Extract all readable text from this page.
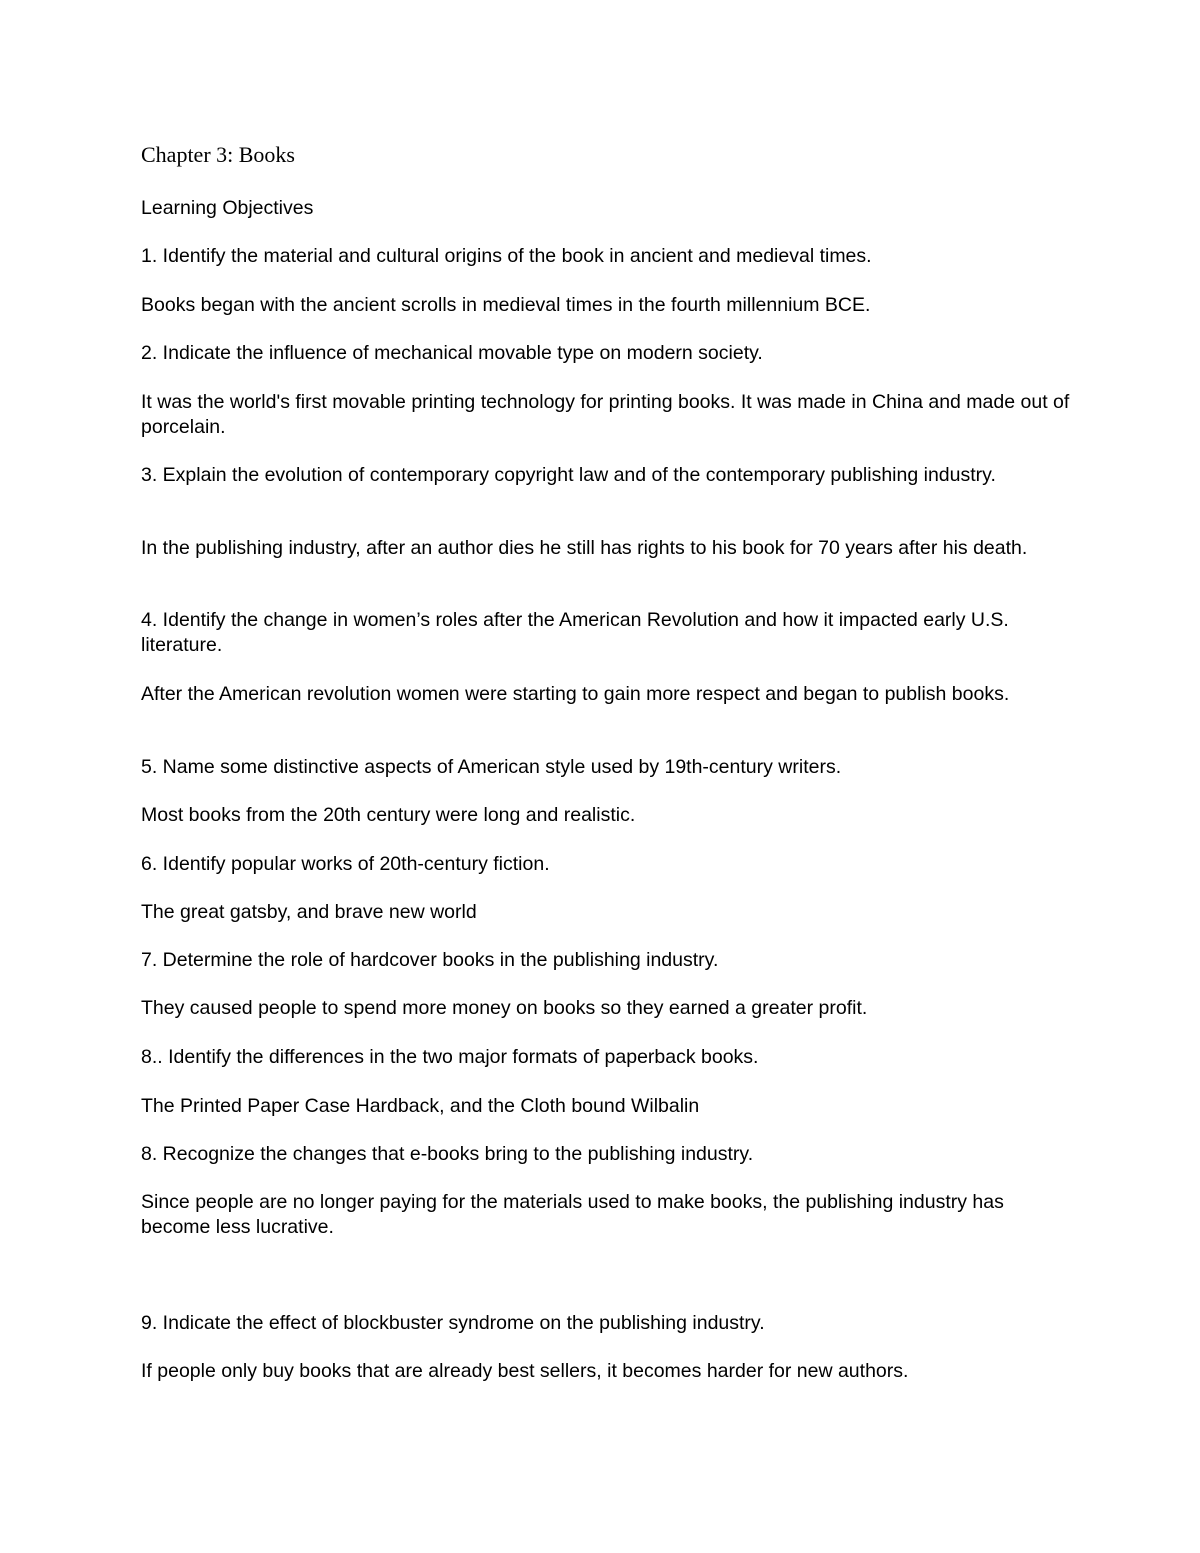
Chapter 3: Books

Learning Objectives

1. Identify the material and cultural origins of the book in ancient and medieval times.

Books began with the ancient scrolls in medieval times in the fourth millennium BCE.

2. Indicate the influence of mechanical movable type on modern society.

It was the world's first movable printing technology for printing books. It was made in China and made out of porcelain.

3. Explain the evolution of contemporary copyright law and of the contemporary publishing industry.

In the publishing industry, after an author dies he still has rights to his book for 70 years after his death.

4. Identify the change in women’s roles after the American Revolution and how it impacted early U.S. literature.

After the American revolution women were starting to gain more respect and began to publish books.

5. Name some distinctive aspects of American style used by 19th-century writers.

Most books from the 20th century were long and realistic.

6. Identify popular works of 20th-century fiction.

The great gatsby, and brave new world

7. Determine the role of hardcover books in the publishing industry.

They caused people to spend more money on books so they earned a greater profit.

8.. Identify the differences in the two major formats of paperback books.

The Printed Paper Case Hardback, and the Cloth bound Wilbalin

8. Recognize the changes that e-books bring to the publishing industry.

Since people are no longer paying for the materials used to make books, the publishing industry has become less lucrative.

9. Indicate the effect of blockbuster syndrome on the publishing industry.

If people only buy books that are already best sellers, it becomes harder for new authors.
